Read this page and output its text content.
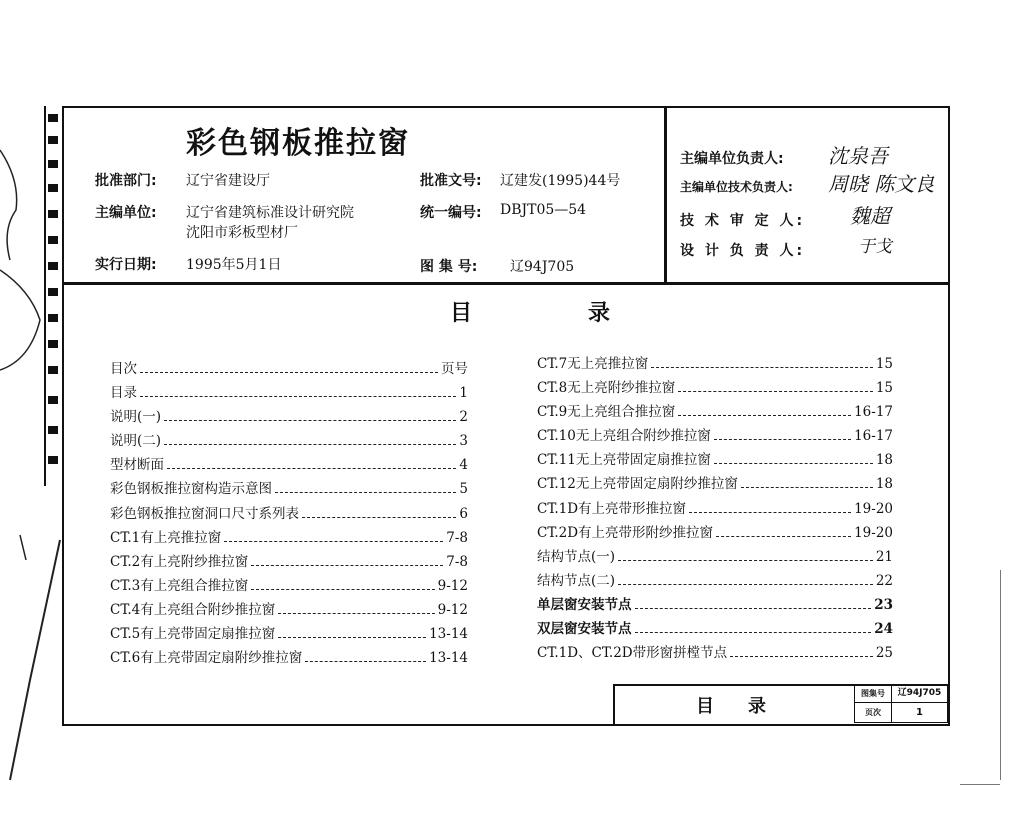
彩色钢板推拉窗
批准部门: 辽宁省建设厅	批准文号: 辽建发(1995)44号
主编单位: 辽宁省建筑标准设计研究院
沈阳市彩板型材厂
统一编号: DBJT05—54
实行日期: 1995年5月1日	图 集 号: 辽94J705
主编单位负责人: 沈泉吾
主编单位技术负责人: 周晓 陈文良
技 术 审 定 人: 魏超
设 计 负 责 人:	于戈
目	录
目次	页号
目录	1
说明(一)	2
说明(二)	3
型材断面	4
彩色钢板推拉窗构造示意图	5
彩色钢板推拉窗洞口尺寸系列表	6
CT.1有上亮推拉窗	7-8
CT.2有上亮附纱推拉窗	7-8
CT.3有上亮组合推拉窗	9-12
CT.4有上亮组合附纱推拉窗	9-12
CT.5有上亮带固定扇推拉窗	13-14
CT.6有上亮带固定扇附纱推拉窗	13-14
CT.7无上亮推拉窗	15
CT.8无上亮附纱推拉窗	15
CT.9无上亮组合推拉窗	16-17
CT.10无上亮组合附纱推拉窗	16-17
CT.11无上亮带固定扇推拉窗	18
CT.12无上亮带固定扇附纱推拉窗	18
CT.1D有上亮带形推拉窗	19-20
CT.2D有上亮带形附纱推拉窗	19-20
结构节点(一)	21
结构节点(二)	22
单层窗安装节点	23
双层窗安装节点	24
CT.1D、CT.2D带形窗拼樘节点	25
目 录
图集号	辽94J705
页次	1
